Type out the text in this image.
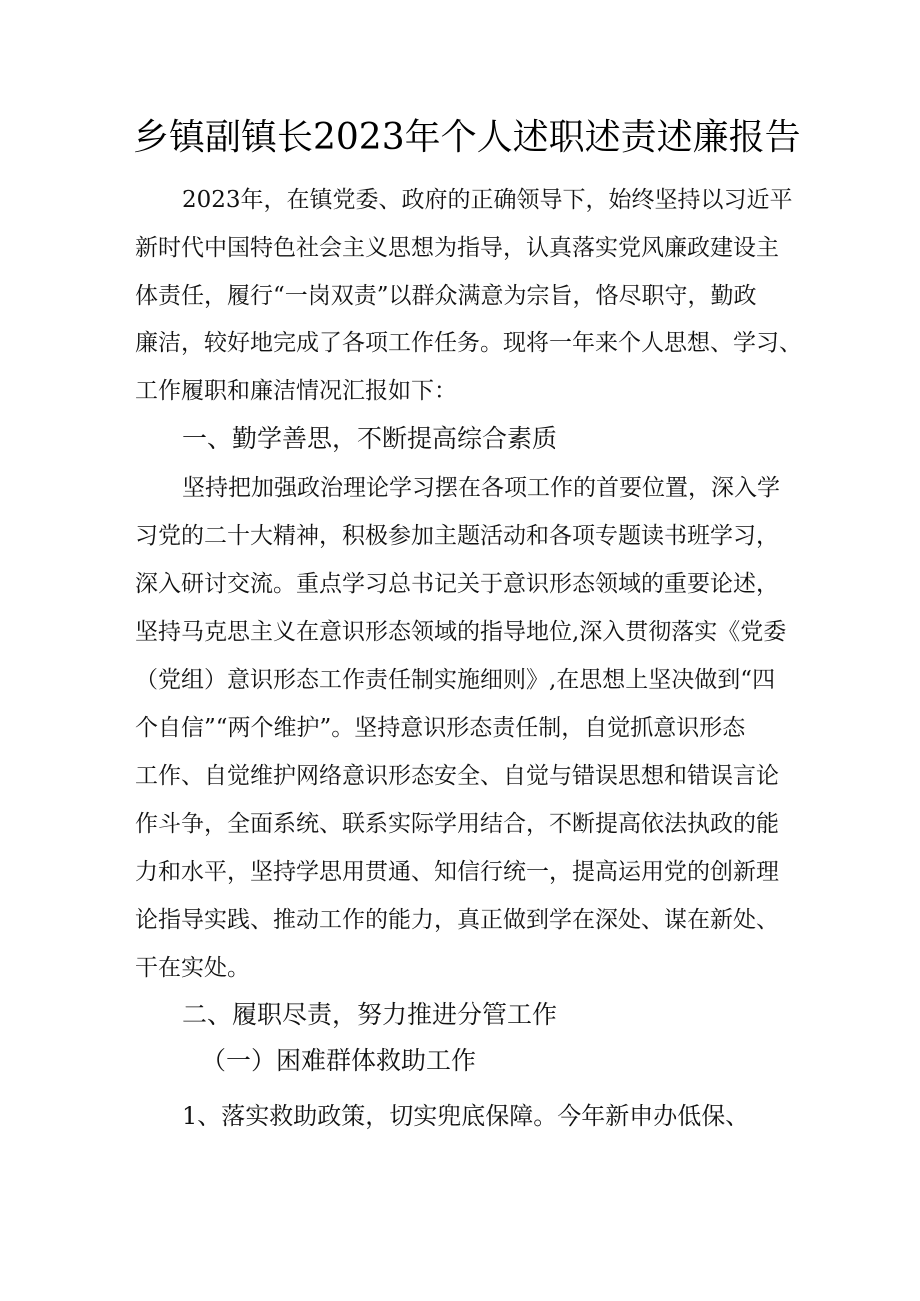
乡镇副镇长2023年个人述职述责述廉报告
2023年，在镇党委、政府的正确领导下，始终坚持以习近平
新时代中国特色社会主义思想为指导，认真落实党风廉政建设主
体责任，履行“一岗双责”以群众满意为宗旨，恪尽职守，勤政
廉洁，较好地完成了各项工作任务。现将一年来个人思想、学习、
工作履职和廉洁情况汇报如下：
一、勤学善思，不断提高综合素质
坚持把加强政治理论学习摆在各项工作的首要位置，深入学
习党的二十大精神，积极参加主题活动和各项专题读书班学习，
深入研讨交流。重点学习总书记关于意识形态领域的重要论述，
坚持马克思主义在意识形态领域的指导地位,深入贯彻落实《党委
（党组）意识形态工作责任制实施细则》,在思想上坚决做到“四
个自信”“两个维护”。坚持意识形态责任制，自觉抓意识形态
工作、自觉维护网络意识形态安全、自觉与错误思想和错误言论
作斗争，全面系统、联系实际学用结合，不断提高依法执政的能
力和水平，坚持学思用贯通、知信行统一，提高运用党的创新理
论指导实践、推动工作的能力，真正做到学在深处、谋在新处、
干在实处。
二、履职尽责，努力推进分管工作
（一）困难群体救助工作
1、落实救助政策，切实兜底保障。今年新申办低保、
